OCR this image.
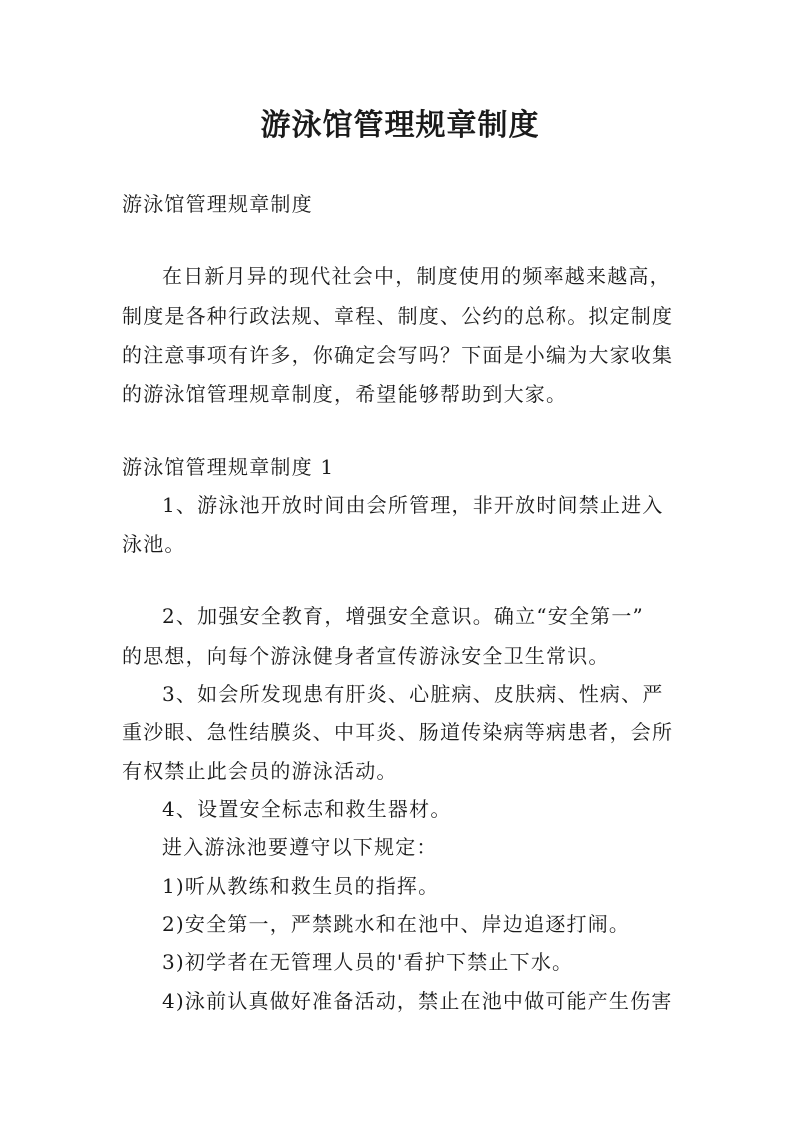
游泳馆管理规章制度
游泳馆管理规章制度
在日新月异的现代社会中，制度使用的频率越来越高，
制度是各种行政法规、章程、制度、公约的总称。拟定制度
的注意事项有许多，你确定会写吗？下面是小编为大家收集
的游泳馆管理规章制度，希望能够帮助到大家。
游泳馆管理规章制度 1
1、游泳池开放时间由会所管理，非开放时间禁止进入
泳池。
2、加强安全教育，增强安全意识。确立“安全第一”
的思想，向每个游泳健身者宣传游泳安全卫生常识。
3、如会所发现患有肝炎、心脏病、皮肤病、性病、严
重沙眼、急性结膜炎、中耳炎、肠道传染病等病患者，会所
有权禁止此会员的游泳活动。
4、设置安全标志和救生器材。
进入游泳池要遵守以下规定：
1)听从教练和救生员的指挥。
2)安全第一，严禁跳水和在池中、岸边追逐打闹。
3)初学者在无管理人员的'看护下禁止下水。
4)泳前认真做好准备活动，禁止在池中做可能产生伤害
